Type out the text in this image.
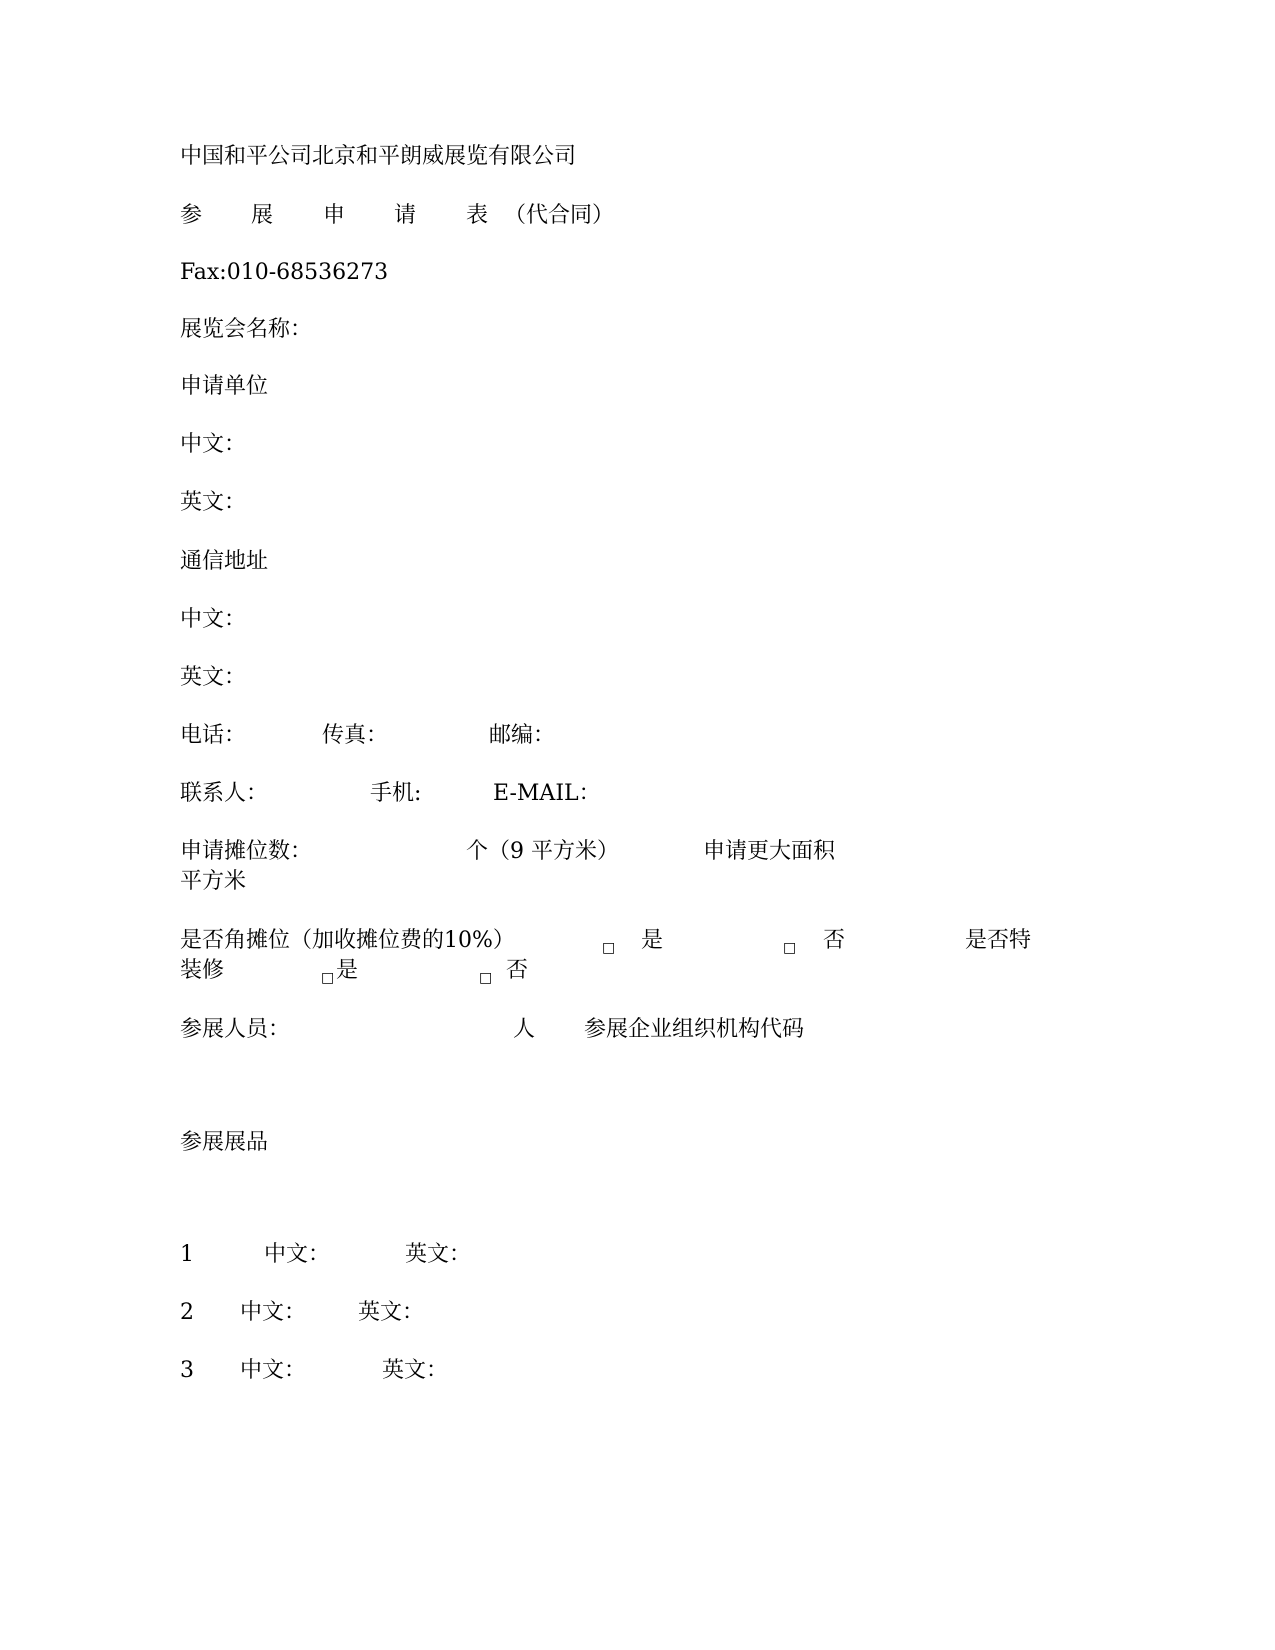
中国和平公司北京和平朗威展览有限公司
参 展 申 请 表 （代合同）
Fax:010-68536273
展览会名称：
申请单位
中文：
英文：
通信地址
中文：
英文：
电话：	传真：	邮编：
联系人：	手机:	E-MAIL：
申请摊位数：	个（9 平方米）	申请更大面积
平方米
是否角摊位（加收摊位费的10%）	□ 是	□ 否	是否特
装修	□ 是	□ 否
参展人员：	人 参展企业组织机构代码
参展展品
1	中文：	英文：
2 中文： 英文：
3 中文：	英文：
